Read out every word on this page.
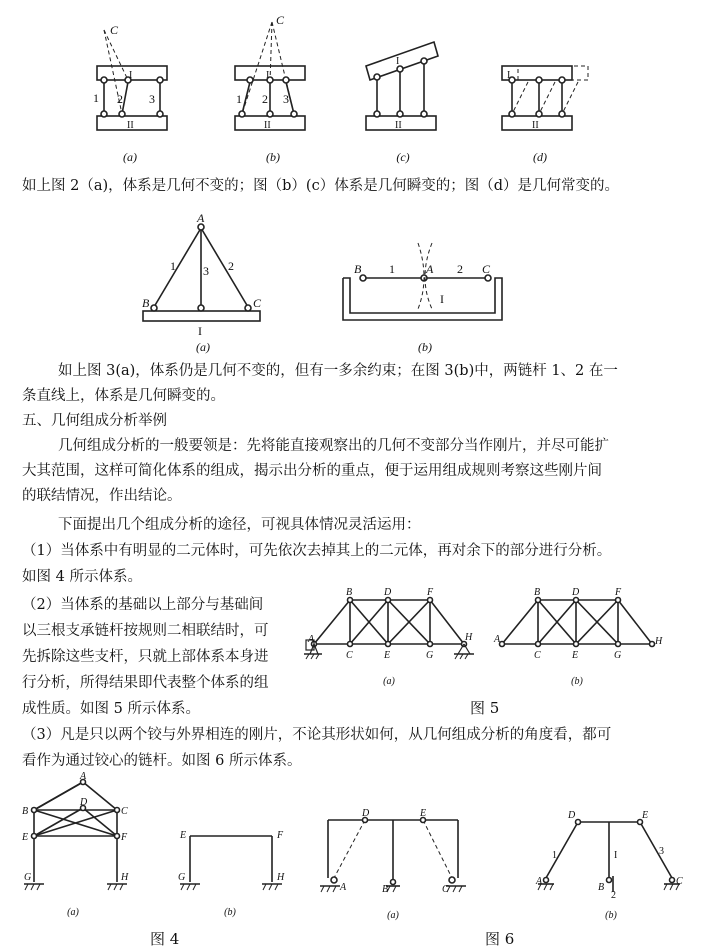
C
I
II
1 2 3
C
I
II
1 2 3
I
II
I
II
(a)	(b)	(c)	(d)
如上图 2（a)，体系是几何不变的；图（b）(c）体系是几何瞬变的；图（d）是几何常变的。
A
B	C
1 3 2
I
B 1	A 2 C
I
(a)	(b)
如上图 3(a)，体系仍是几何不变的，但有一多余约束；在图 3(b)中，两链杆 1、2 在一
条直线上，体系是几何瞬变的。
五、几何组成分析举例
几何组成分析的一般要领是：先将能直接观察出的几何不变部分当作刚片，并尽可能扩
大其范围，这样可简化体系的组成，揭示出分析的重点，便于运用组成规则考察这些刚片间
的联结情况，作出结论。
下面提出几个组成分析的途径，可视具体情况灵活运用：
（1）当体系中有明显的二元体时，可先依次去掉其上的二元体，再对余下的部分进行分析。
如图 4 所示体系。
（2）当体系的基础以上部分与基础间
以三根支承链杆按规则二相联结时，可
先拆除这些支杆，只就上部体系本身进
行分析，所得结果即代表整个体系的组
成性质。如图 5 所示体系。
A
B	D	F
C	E	G
H A
B	D	F
C	E	G
H
(a)	(b)
图 5
（3）凡是只以两个铰与外界相连的刚片，不论其形状如何，从几何组成分析的角度看，都可
看作为通过铰心的链杆。如图 6 所示体系。
A
B	C
D
E	F
G	H
E	F
G	H
(a)	(b)
图 4
D	E
A	B	C
D	E
A
B
C
1	I	3
2
(a)	(b)
图 6
